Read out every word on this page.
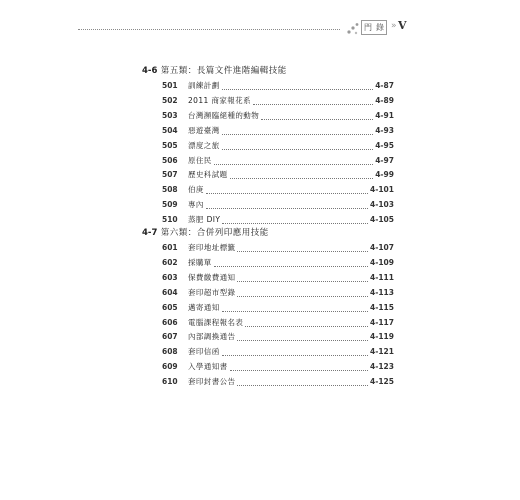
門 錄 » V
4-6 第五類：長篇文件進階編輯技能
501	訓練計劃	4-87
502	2011 商家報花系	4-89
503	台灣瀕臨絕種的動物	4-91
504	惡遊臺灣	4-93
505	漂度之旅	4-95
506	原住民	4-97
507	歷史科試題	4-99
508	伯庚	4-101
509	專內	4-103
510	蒸肥 DIY	4-105
4-7 第六類：合併列印應用技能
601	套印地址標籤	4-107
602	採購單	4-109
603	保費繳費通知	4-111
604	套印超市型錄	4-113
605	邁寄通知	4-115
606	電腦課程報名表	4-117
607	內部調換通告	4-119
608	套印信函	4-121
609	入學通知書	4-123
610	套印封書公告	4-125
